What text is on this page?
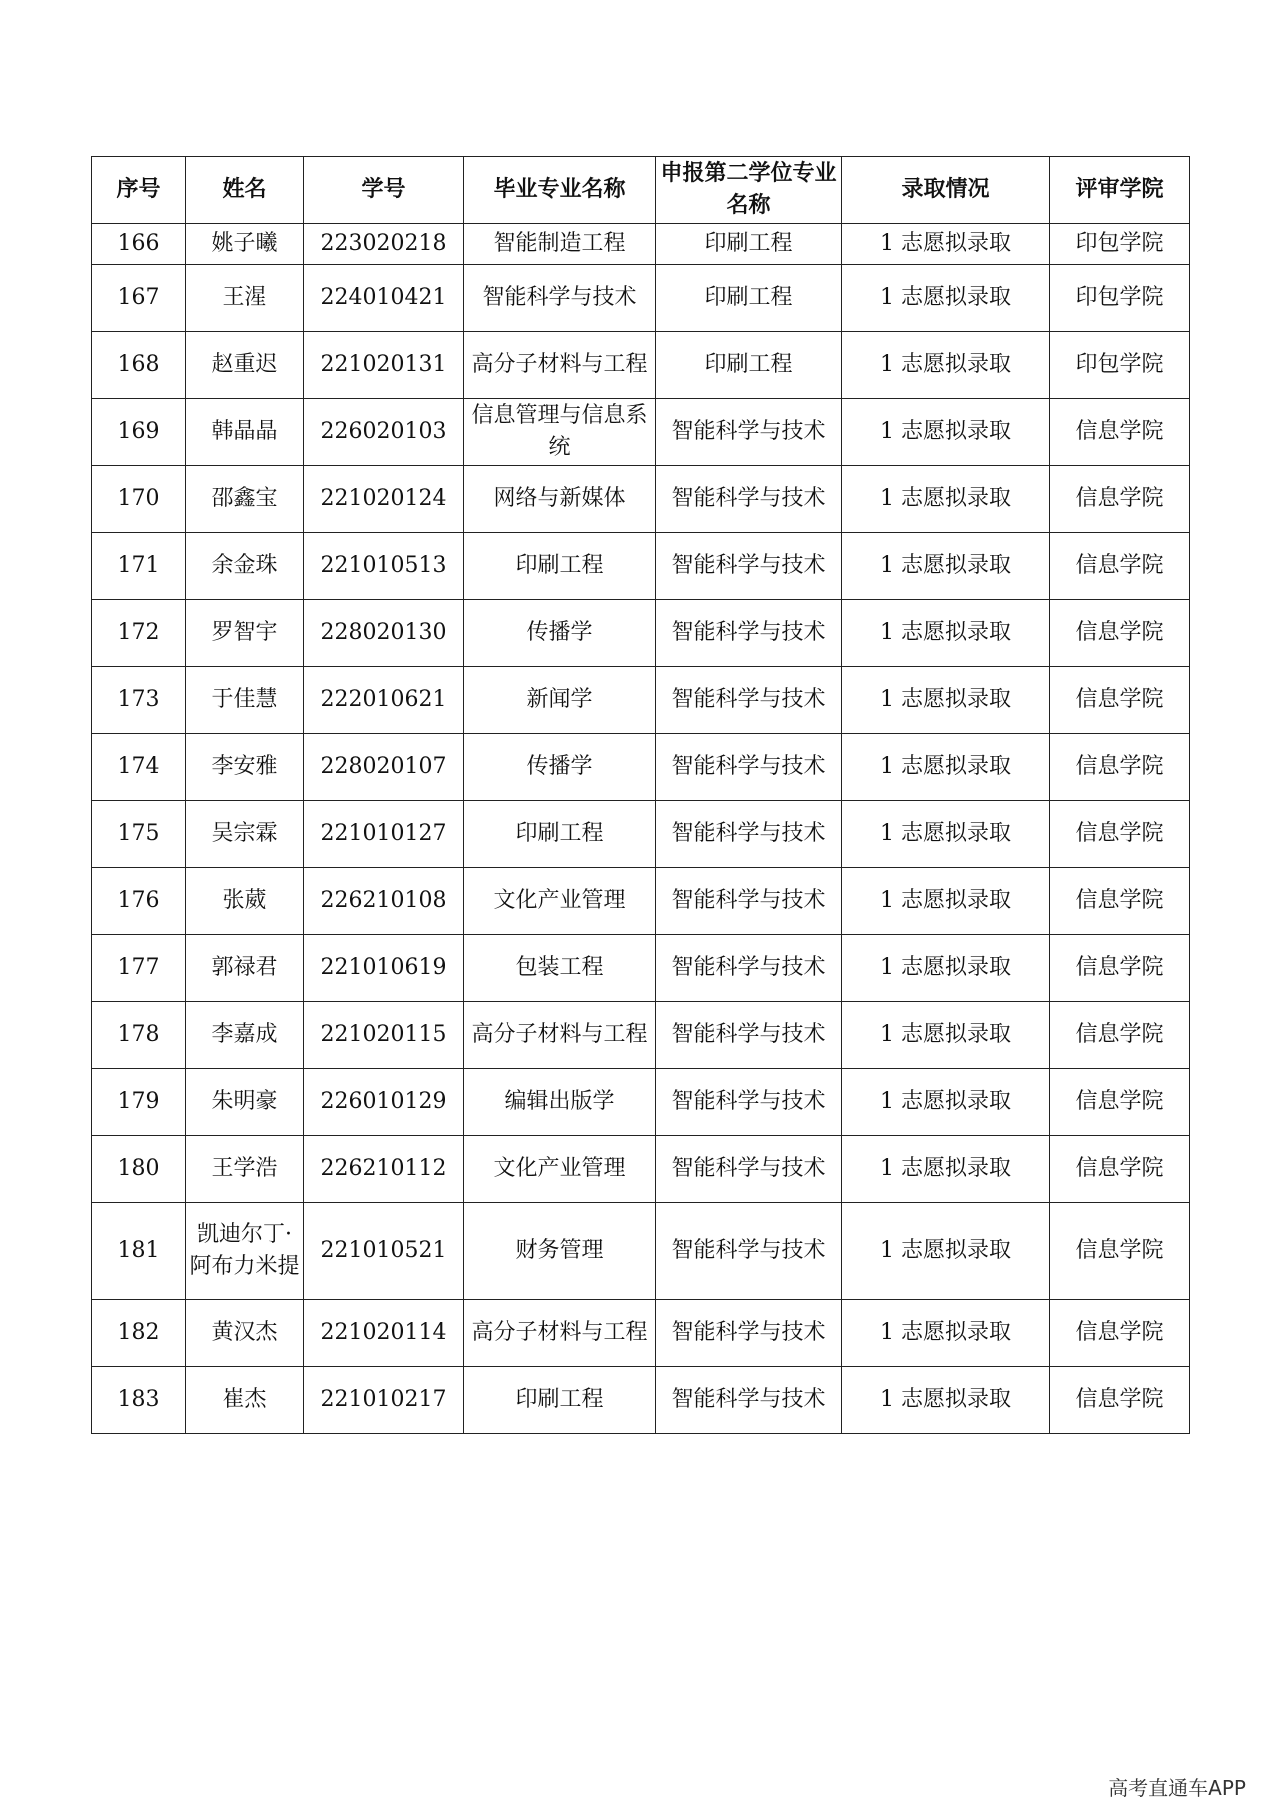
序号	姓名	学号	毕业专业名称	申报第二学位专业名称	录取情况	评审学院
166	姚子曦	223020218	智能制造工程	印刷工程	1 志愿拟录取	印包学院
167	王湦	224010421	智能科学与技术	印刷工程	1 志愿拟录取	印包学院
168	赵重迟	221020131	高分子材料与工程	印刷工程	1 志愿拟录取	印包学院
169	韩晶晶	226020103	信息管理与信息系统	智能科学与技术	1 志愿拟录取	信息学院
170	邵鑫宝	221020124	网络与新媒体	智能科学与技术	1 志愿拟录取	信息学院
171	余金珠	221010513	印刷工程	智能科学与技术	1 志愿拟录取	信息学院
172	罗智宇	228020130	传播学	智能科学与技术	1 志愿拟录取	信息学院
173	于佳慧	222010621	新闻学	智能科学与技术	1 志愿拟录取	信息学院
174	李安雅	228020107	传播学	智能科学与技术	1 志愿拟录取	信息学院
175	吴宗霖	221010127	印刷工程	智能科学与技术	1 志愿拟录取	信息学院
176	张葳	226210108	文化产业管理	智能科学与技术	1 志愿拟录取	信息学院
177	郭禄君	221010619	包装工程	智能科学与技术	1 志愿拟录取	信息学院
178	李嘉成	221020115	高分子材料与工程	智能科学与技术	1 志愿拟录取	信息学院
179	朱明豪	226010129	编辑出版学	智能科学与技术	1 志愿拟录取	信息学院
180	王学浩	226210112	文化产业管理	智能科学与技术	1 志愿拟录取	信息学院
181	凯迪尔丁·阿布力米提	221010521	财务管理	智能科学与技术	1 志愿拟录取	信息学院
182	黄汉杰	221020114	高分子材料与工程	智能科学与技术	1 志愿拟录取	信息学院
183	崔杰	221010217	印刷工程	智能科学与技术	1 志愿拟录取	信息学院
高考直通车APP
